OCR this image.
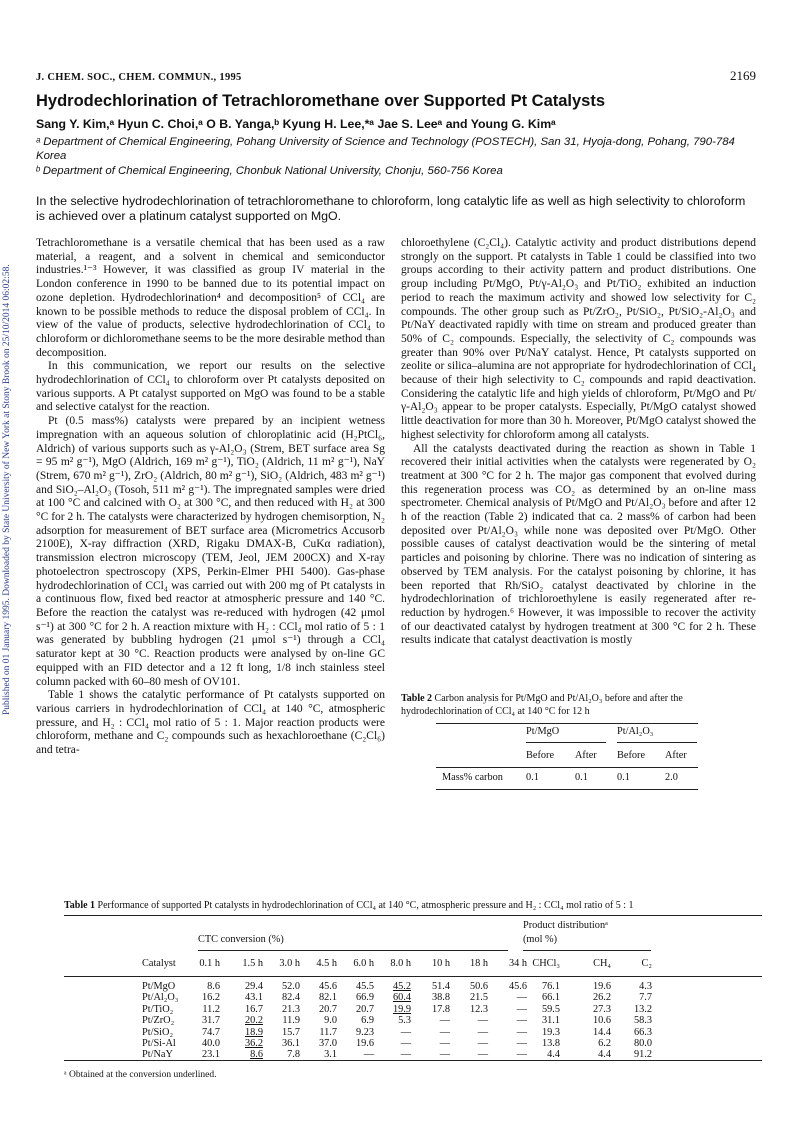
Published on 01 January 1995. Downloaded by State University of New York at Stony Brook on 25/10/2014 06:02:58.
J. CHEM. SOC., CHEM. COMMUN., 1995	2169
Hydrodechlorination of Tetrachloromethane over Supported Pt Catalysts
Sang Y. Kim,ᵃ Hyun C. Choi,ᵃ O B. Yanga,ᵇ Kyung H. Lee,*ᵃ Jae S. Leeᵃ and Young G. Kimᵃ
ᵃ Department of Chemical Engineering, Pohang University of Science and Technology (POSTECH), San 31, Hyoja-dong, Pohang, 790-784 Korea
ᵇ Department of Chemical Engineering, Chonbuk National University, Chonju, 560-756 Korea
In the selective hydrodechlorination of tetrachloromethane to chloroform, long catalytic life as well as high selectivity to chloroform is achieved over a platinum catalyst supported on MgO.

Tetrachloromethane is a versatile chemical that has been used as a raw material, a reagent, and a solvent in chemical and semiconductor industries.¹⁻³ However, it was classified as group IV material in the London conference in 1990 to be banned due to its potential impact on ozone depletion. Hydrodechlorination⁴ and decomposition⁵ of CCl₄ are known to be possible methods to reduce the disposal problem of CCl₄. In view of the value of products, selective hydrodechlorination of CCl₄ to chloroform or dichloromethane seems to be the more desirable method than decomposition.

In this communication, we report our results on the selective hydrodechlorination of CCl₄ to chloroform over Pt catalysts deposited on various supports. A Pt catalyst supported on MgO was found to be a stable and selective catalyst for the reaction.

Pt (0.5 mass%) catalysts were prepared by an incipient wetness impregnation with an aqueous solution of chloroplatinic acid (H₂PtCl₆, Aldrich) of various supports such as γ-Al₂O₃ (Strem, BET surface area Sg = 95 m² g⁻¹), MgO (Aldrich, 169 m² g⁻¹), TiO₂ (Aldrich, 11 m² g⁻¹), NaY (Strem, 670 m² g⁻¹), ZrO₂ (Aldrich, 80 m² g⁻¹), SiO₂ (Aldrich, 483 m² g⁻¹) and SiO₂–Al₂O₃ (Tosoh, 511 m² g⁻¹). The impregnated samples were dried at 100 °C and calcined with O₂ at 300 °C, and then reduced with H₂ at 300 °C for 2 h. The catalysts were characterized by hydrogen chemisorption, N₂ adsorption for measurement of BET surface area (Micrometrics Accusorb 2100E), X-ray diffraction (XRD, Rigaku DMAX-B, CuKα radiation), transmission electron microscopy (TEM, Jeol, JEM 200CX) and X-ray photoelectron spectroscopy (XPS, Perkin-Elmer PHI 5400). Gas-phase hydrodechlorination of CCl₄ was carried out with 200 mg of Pt catalysts in a continuous flow, fixed bed reactor at atmospheric pressure and 140 °C. Before the reaction the catalyst was re-reduced with hydrogen (42 μmol s⁻¹) at 300 °C for 2 h. A reaction mixture with H₂ : CCl₄ mol ratio of 5 : 1 was generated by bubbling hydrogen (21 μmol s⁻¹) through a CCl₄ saturator kept at 30 °C. Reaction products were analysed by on-line GC equipped with an FID detector and a 12 ft long, 1/8 inch stainless steel column packed with 60–80 mesh of OV101.

Table 1 shows the catalytic performance of Pt catalysts supported on various carriers in hydrodechlorination of CCl₄ at 140 °C, atmospheric pressure, and H₂ : CCl₄ mol ratio of 5 : 1. Major reaction products were chloroform, methane and C₂ compounds such as hexachloroethane (C₂Cl₆) and tetra-

chloroethylene (C₂Cl₄). Catalytic activity and product distributions depend strongly on the support. Pt catalysts in Table 1 could be classified into two groups according to their activity pattern and product distributions. One group including Pt/MgO, Pt/γ-Al₂O₃ and Pt/TiO₂ exhibited an induction period to reach the maximum activity and showed low selectivity for C₂ compounds. The other group such as Pt/ZrO₂, Pt/SiO₂, Pt/SiO₂-Al₂O₃ and Pt/NaY deactivated rapidly with time on stream and produced greater than 50% of C₂ compounds. Especially, the selectivity of C₂ compounds was greater than 90% over Pt/NaY catalyst. Hence, Pt catalysts supported on zeolite or silica–alumina are not appropriate for hydrodechlorination of CCl₄ because of their high selectivity to C₂ compounds and rapid deactivation. Considering the catalytic life and high yields of chloroform, Pt/MgO and Pt/γ-Al₂O₃ appear to be proper catalysts. Especially, Pt/MgO catalyst showed little deactivation for more than 30 h. Moreover, Pt/MgO catalyst showed the highest selectivity for chloroform among all catalysts.

All the catalysts deactivated during the reaction as shown in Table 1 recovered their initial activities when the catalysts were regenerated by O₂ treatment at 300 °C for 2 h. The major gas component that evolved during this regeneration process was CO₂ as determined by an on-line mass spectrometer. Chemical analysis of Pt/MgO and Pt/Al₂O₃ before and after 12 h of the reaction (Table 2) indicated that ca. 2 mass% of carbon had been deposited over Pt/Al₂O₃ while none was deposited over Pt/MgO. Other possible causes of catalyst deactivation would be the sintering of metal particles and poisoning by chlorine. There was no indication of sintering as observed by TEM analysis. For the catalyst poisoning by chlorine, it has been reported that Rh/SiO₂ catalyst deactivated by chlorine in the hydrodechlorination of trichloroethylene is easily regenerated after re-reduction by hydrogen.⁶ However, it was impossible to recover the activity of our deactivated catalyst by hydrogen treatment at 300 °C for 2 h. These results indicate that catalyst deactivation is mostly

Table 2 Carbon analysis for Pt/MgO and Pt/Al₂O₃ before and after the hydrodechlorination of CCl₄ at 140 °C for 12 h
Pt/MgO	Pt/Al₂O₃
Before After Before After
Mass% carbon 0.1	0.1	0.1	2.0
Table 1 Performance of supported Pt catalysts in hydrodechlorination of CCl₄ at 140 °C, atmospheric pressure and H₂ : CCl₄ mol ratio of 5 : 1
Product distributionᵃ
(mol %)
CTC conversion (%)
Catalyst	0.1 h	1.5 h	3.0 h	4.5 h	6.0 h	8.0 h	10 h	18 h	34 h CHCl₃	CH₄	C₂
Pt/MgO	8.6	29.4	52.0	45.6	45.5	45.2	51.4	50.6	45.6	76.1	19.6	4.3
Pt/Al₂O₃	16.2	43.1	82.4	82.1	66.9	60.4	38.8	21.5	—	66.1	26.2	7.7
Pt/TiO₂	11.2	16.7	21.3	20.7	20.7	19.9	17.8	12.3	—	59.5	27.3	13.2
Pt/ZrO₂	31.7	20.2	11.9	9.0	6.9	5.3	—	—	—	31.1	10.6	58.3
Pt/SiO₂	74.7	18.9	15.7	11.7	9.23	—	—	—	—	19.3	14.4	66.3
Pt/Si-Al	40.0	36.2	36.1	37.0	19.6	—	—	—	—	13.8	6.2	80.0
Pt/NaY	23.1	8.6	7.8	3.1	—	—	—	—	—	4.4	4.4	91.2
ᵃ Obtained at the conversion underlined.
